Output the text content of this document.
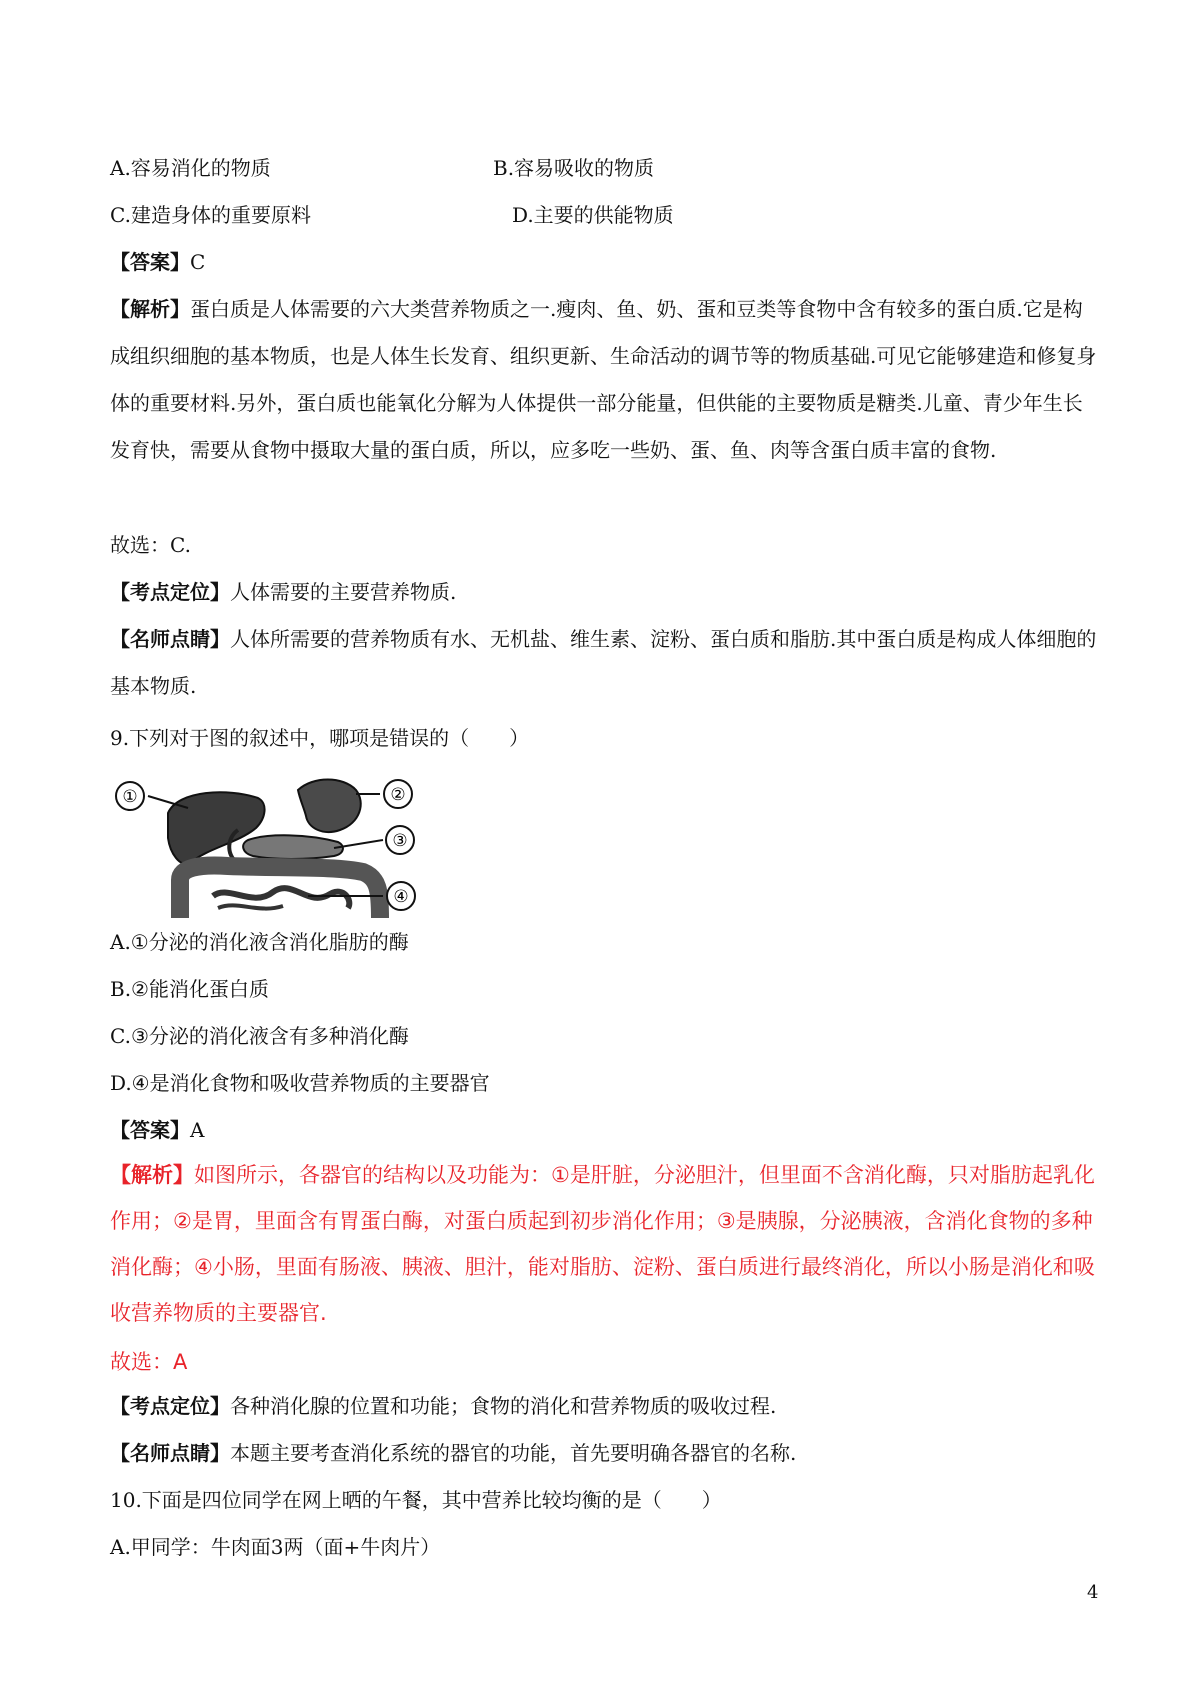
A.容易消化的物质	B.容易吸收的物质
C.建造身体的重要原料	D.主要的供能物质
【答案】C
【解析】蛋白质是人体需要的六大类营养物质之一.瘦肉、鱼、奶、蛋和豆类等食物中含有较多的蛋白质.它是构成组织细胞的基本物质，也是人体生长发育、组织更新、生命活动的调节等的物质基础.可见它能够建造和修复身体的重要材料.另外，蛋白质也能氧化分解为人体提供一部分能量，但供能的主要物质是糖类.儿童、青少年生长发育快，需要从食物中摄取大量的蛋白质，所以，应多吃一些奶、蛋、鱼、肉等含蛋白质丰富的食物.
故选：C.
【考点定位】人体需要的主要营养物质.
【名师点睛】人体所需要的营养物质有水、无机盐、维生素、淀粉、蛋白质和脂肪.其中蛋白质是构成人体细胞的基本物质.
9.下列对于图的叙述中，哪项是错误的（　　）
①	②
③
④
A.①分泌的消化液含消化脂肪的酶
B.②能消化蛋白质
C.③分泌的消化液含有多种消化酶
D.④是消化食物和吸收营养物质的主要器官
【答案】A
【解析】如图所示，各器官的结构以及功能为：①是肝脏，分泌胆汁，但里面不含消化酶，只对脂肪起乳化作用；②是胃，里面含有胃蛋白酶，对蛋白质起到初步消化作用；③是胰腺，分泌胰液，含消化食物的多种消化酶；④小肠，里面有肠液、胰液、胆汁，能对脂肪、淀粉、蛋白质进行最终消化，所以小肠是消化和吸收营养物质的主要器官.
故选：A
【考点定位】各种消化腺的位置和功能；食物的消化和营养物质的吸收过程.
【名师点睛】本题主要考查消化系统的器官的功能，首先要明确各器官的名称.
10.下面是四位同学在网上晒的午餐，其中营养比较均衡的是（　　）
A.甲同学：牛肉面3两（面+牛肉片）
4
